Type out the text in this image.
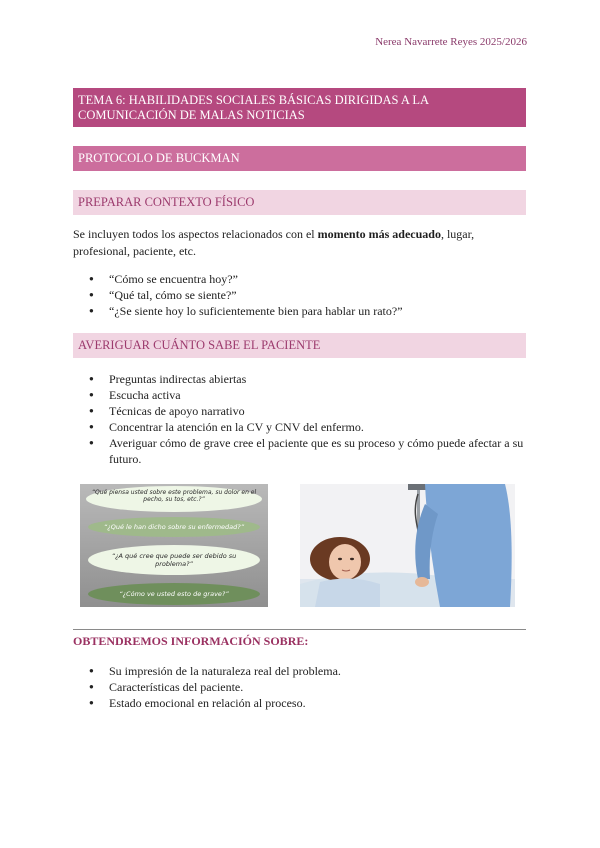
Nerea Navarrete Reyes 2025/2026
TEMA 6: HABILIDADES SOCIALES BÁSICAS DIRIGIDAS A LA COMUNICACIÓN DE MALAS NOTICIAS
PROTOCOLO DE BUCKMAN
PREPARAR CONTEXTO FÍSICO
Se incluyen todos los aspectos relacionados con el momento más adecuado, lugar, profesional, paciente, etc.
● “Cómo se encuentra hoy?”
● “Qué tal, cómo se siente?”
● “¿Se siente hoy lo suficientemente bien para hablar un rato?”
AVERIGUAR CUÁNTO SABE EL PACIENTE
● Preguntas indirectas abiertas
● Escucha activa
● Técnicas de apoyo narrativo
● Concentrar la atención en la CV y CNV del enfermo.
● Averiguar cómo de grave cree el paciente que es su proceso y cómo puede afectar a su futuro.
“Qué piensa usted sobre este problema, su dolor en el pecho, su tos, etc.?”
“¿Qué le han dicho sobre su enfermedad?”
“¿A qué cree que puede ser debido su problema?”
“¿Cómo ve usted esto de grave?”
OBTENDREMOS INFORMACIÓN SOBRE:
● Su impresión de la naturaleza real del problema.
● Características del paciente.
● Estado emocional en relación al proceso.
